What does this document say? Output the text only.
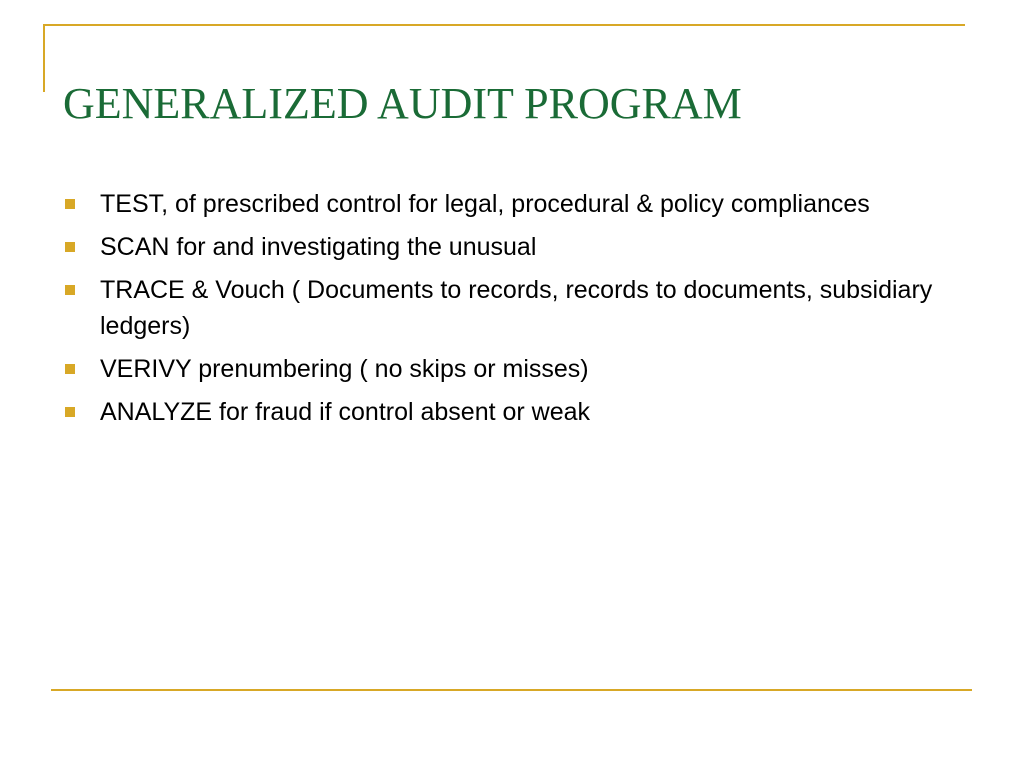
GENERALIZED AUDIT PROGRAM
TEST, of prescribed control for legal, procedural & policy compliances
SCAN for and investigating the unusual
TRACE & Vouch ( Documents to records, records to documents, subsidiary ledgers)
VERIVY prenumbering ( no skips or misses)
ANALYZE for fraud if control absent or weak
